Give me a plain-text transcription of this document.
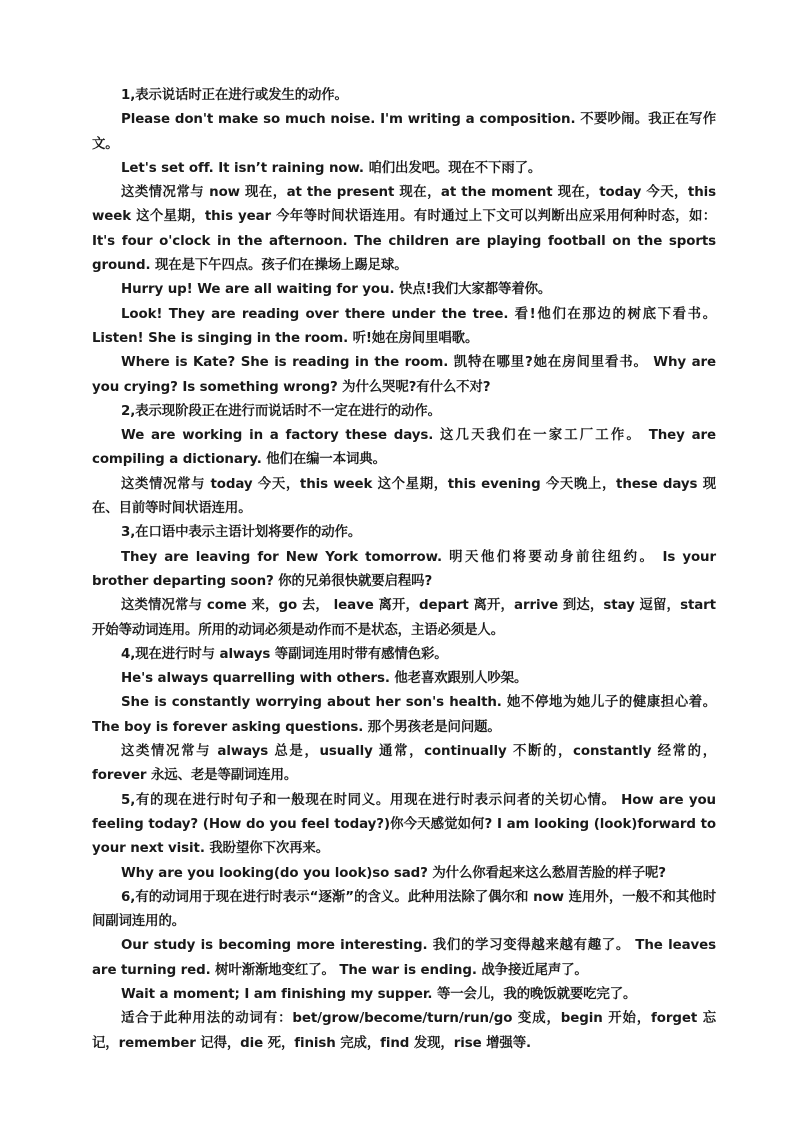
1,表示说话时正在进行或发生的动作。

Please don't make so much noise. I'm writing a composition. 不要吵闹。我正在写作文。

Let's set off. It isn’t raining now. 咱们出发吧。现在不下雨了。

这类情况常与 now 现在，at the present 现在，at the moment 现在，today 今天，this week 这个星期，this year 今年等时间状语连用。有时通过上下文可以判断出应采用何种时态，如： It's four o'clock in the afternoon. The children are playing football on the sports ground. 现在是下午四点。孩子们在操场上踢足球。

Hurry up! We are all waiting for you. 快点!我们大家都等着你。

Look! They are reading over there under the tree. 看!他们在那边的树底下看书。 Listen! She is singing in the room. 听!她在房间里唱歌。

Where is Kate? She is reading in the room. 凯特在哪里?她在房间里看书。 Why are you crying? Is something wrong? 为什么哭呢?有什么不对?

2,表示现阶段正在进行而说话时不一定在进行的动作。

We are working in a factory these days. 这几天我们在一家工厂工作。 They are compiling a dictionary. 他们在编一本词典。

这类情况常与 today 今天，this week 这个星期，this evening 今天晚上，these days 现在、目前等时间状语连用。

3,在口语中表示主语计划将要作的动作。

They are leaving for New York tomorrow. 明天他们将要动身前往纽约。 Is your brother departing soon? 你的兄弟很快就要启程吗?

这类情况常与 come 来，go 去， leave 离开，depart 离开，arrive 到达，stay 逗留，start 开始等动词连用。所用的动词必须是动作而不是状态，主语必须是人。

4,现在进行时与 always 等副词连用时带有感情色彩。

He's always quarrelling with others. 他老喜欢跟别人吵架。

She is constantly worrying about her son's health. 她不停地为她儿子的健康担心着。 The boy is forever asking questions. 那个男孩老是问问题。

这类情况常与 always 总是，usually 通常，continually 不断的，constantly 经常的，forever 永远、老是等副词连用。

5,有的现在进行时句子和一般现在时同义。用现在进行时表示问者的关切心情。 How are you feeling today? (How do you feel today?)你今天感觉如何? I am looking (look)forward to your next visit. 我盼望你下次再来。

Why are you looking(do you look)so sad? 为什么你看起来这么愁眉苦脸的样子呢?

6,有的动词用于现在进行时表示“逐渐”的含义。此种用法除了偶尔和 now 连用外，一般不和其他时间副词连用的。

Our study is becoming more interesting. 我们的学习变得越来越有趣了。 The leaves are turning red. 树叶渐渐地变红了。 The war is ending. 战争接近尾声了。

Wait a moment; I am finishing my supper. 等一会儿，我的晚饭就要吃完了。

适合于此种用法的动词有：bet/grow/become/turn/run/go 变成，begin 开始，forget 忘记，remember 记得，die 死，finish 完成，find 发现，rise 增强等.
